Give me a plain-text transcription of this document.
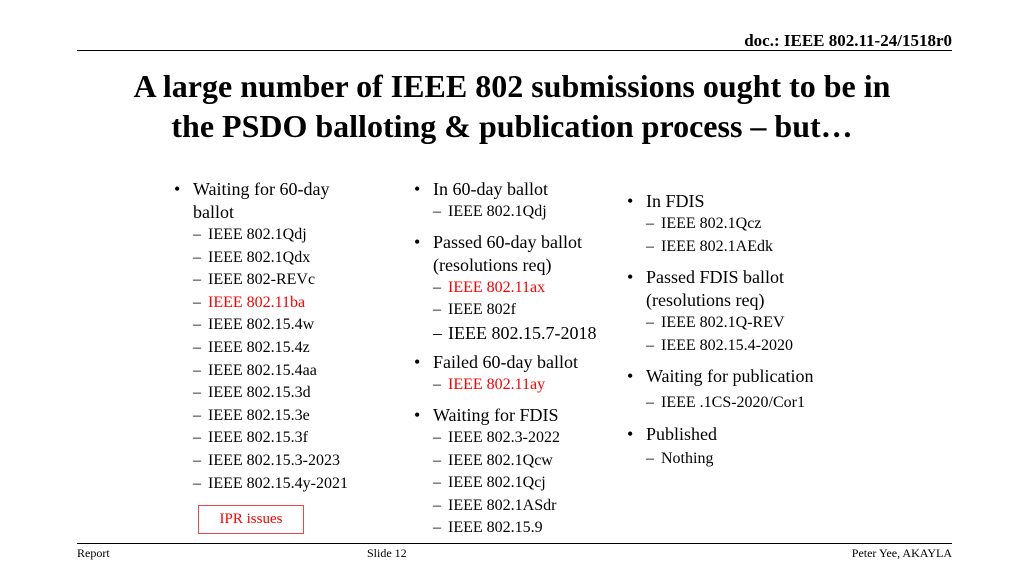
doc.: IEEE 802.11-24/1518r0
A large number of IEEE 802 submissions ought to be in
the PSDO balloting & publication process – but…
• Waiting for 60-day
ballot
– IEEE 802.1Qdj
– IEEE 802.1Qdx
– IEEE 802-REVc
– IEEE 802.11ba
– IEEE 802.15.4w
– IEEE 802.15.4z
– IEEE 802.15.4aa
– IEEE 802.15.3d
– IEEE 802.15.3e
– IEEE 802.15.3f
– IEEE 802.15.3-2023
– IEEE 802.15.4y-2021
IPR issues
• In 60-day ballot
– IEEE 802.1Qdj
• Passed 60-day ballot
(resolutions req)
– IEEE 802.11ax
– IEEE 802f
– IEEE 802.15.7-2018
• Failed 60-day ballot
– IEEE 802.11ay
• Waiting for FDIS
– IEEE 802.3-2022
– IEEE 802.1Qcw
– IEEE 802.1Qcj
– IEEE 802.1ASdr
– IEEE 802.15.9
• In FDIS
– IEEE 802.1Qcz
– IEEE 802.1AEdk
• Passed FDIS ballot
(resolutions req)
– IEEE 802.1Q-REV
– IEEE 802.15.4-2020
• Waiting for publication
– IEEE .1CS-2020/Cor1
• Published
– Nothing
Report	Slide 12	Peter Yee, AKAYLA
